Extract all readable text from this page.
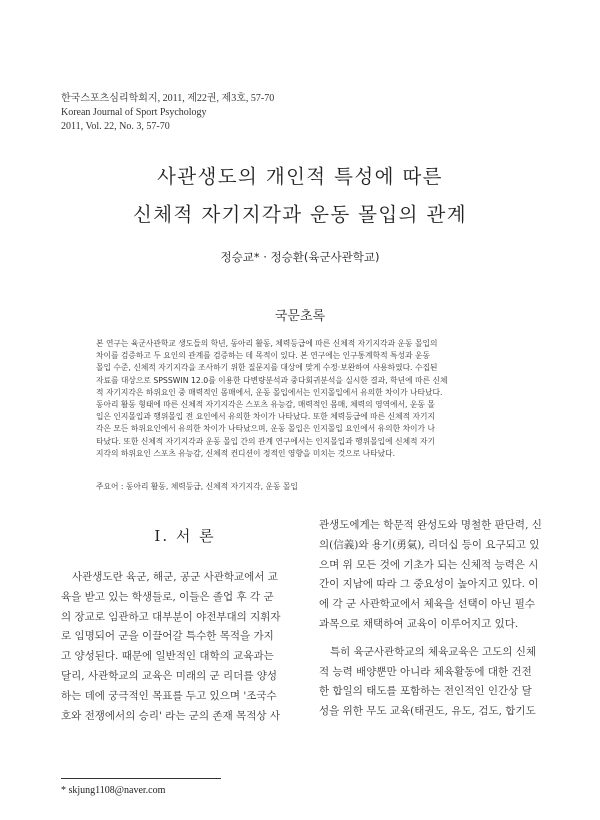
한국스포츠심리학회지, 2011, 제22권, 제3호, 57-70
Korean Journal of Sport Psychology
2011, Vol. 22, No. 3, 57-70
사관생도의 개인적 특성에 따른
신체적 자기지각과 운동 몰입의 관계
정승교* · 정승환(육군사관학교)
국문초록
본 연구는 육군사관학교 생도들의 학년, 동아리 활동, 체력등급에 따른 신체적 자기지각과 운동 몰입의
차이를 검증하고 두 요인의 관계를 검증하는 데 목적이 있다. 본 연구에는 인구통계학적 특성과 운동
몰입 수준, 신체적 자기지각을 조사하기 위한 질문지를 대상에 맞게 수정·보완하여 사용하였다. 수집된
자료를 대상으로 SPSSWIN 12.0를 이용한 다변량분석과 중다회귀분석을 실시한 결과, 학년에 따른 신체
적 자기지각은 하위요인 중 매력적인 몸매에서, 운동 몰입에서는 인지몰입에서 유의한 차이가 나타났다.
동아리 활동 형태에 따른 신체적 자기지각은 스포츠 유능감, 매력적인 몸매, 체력의 영역에서, 운동 몰
입은 인지몰입과 행위몰입 전 요인에서 유의한 차이가 나타났다. 또한 체력등급에 따른 신체적 자기지
각은 모든 하위요인에서 유의한 차이가 나타났으며, 운동 몰입은 인지몰입 요인에서 유의한 차이가 나
타났다. 또한 신체적 자기지각과 운동 몰입 간의 관계 연구에서는 인지몰입과 행위몰입에 신체적 자기
지각의 하위요인 스포츠 유능감, 신체적 컨디션이 정적인 영향을 미치는 것으로 나타났다.
주요어 : 동아리 활동, 체력등급, 신체적 자기지각, 운동 몰입
I. 서 론
사관생도란 육군, 해군, 공군 사관학교에서 교
육을 받고 있는 학생들로, 이들은 졸업 후 각 군
의 장교로 임관하고 대부분이 야전부대의 지휘자
로 임명되어 군을 이끌어갈 특수한 목적을 가지
고 양성된다. 때문에 일반적인 대학의 교육과는
달리, 사관학교의 교육은 미래의 군 리더를 양성
하는 데에 궁극적인 목표를 두고 있으며 '조국수
호와 전쟁에서의 승리' 라는 군의 존재 목적상 사
관생도에게는 학문적 완성도와 명철한 판단력, 신
의(信義)와 용기(勇氣), 리더십 등이 요구되고 있
으며 위 모든 것에 기초가 되는 신체적 능력은 시
간이 지남에 따라 그 중요성이 높아지고 있다. 이
에 각 군 사관학교에서 체육을 선택이 아닌 필수
과목으로 채택하여 교육이 이루어지고 있다.
특히 육군사관학교의 체육교육은 고도의 신체
적 능력 배양뿐만 아니라 체육활동에 대한 건전
한 합일의 태도를 포함하는 전인적인 인간상 달
성을 위한 무도 교육(태권도, 유도, 검도, 합기도
* skjung1108@naver.com
